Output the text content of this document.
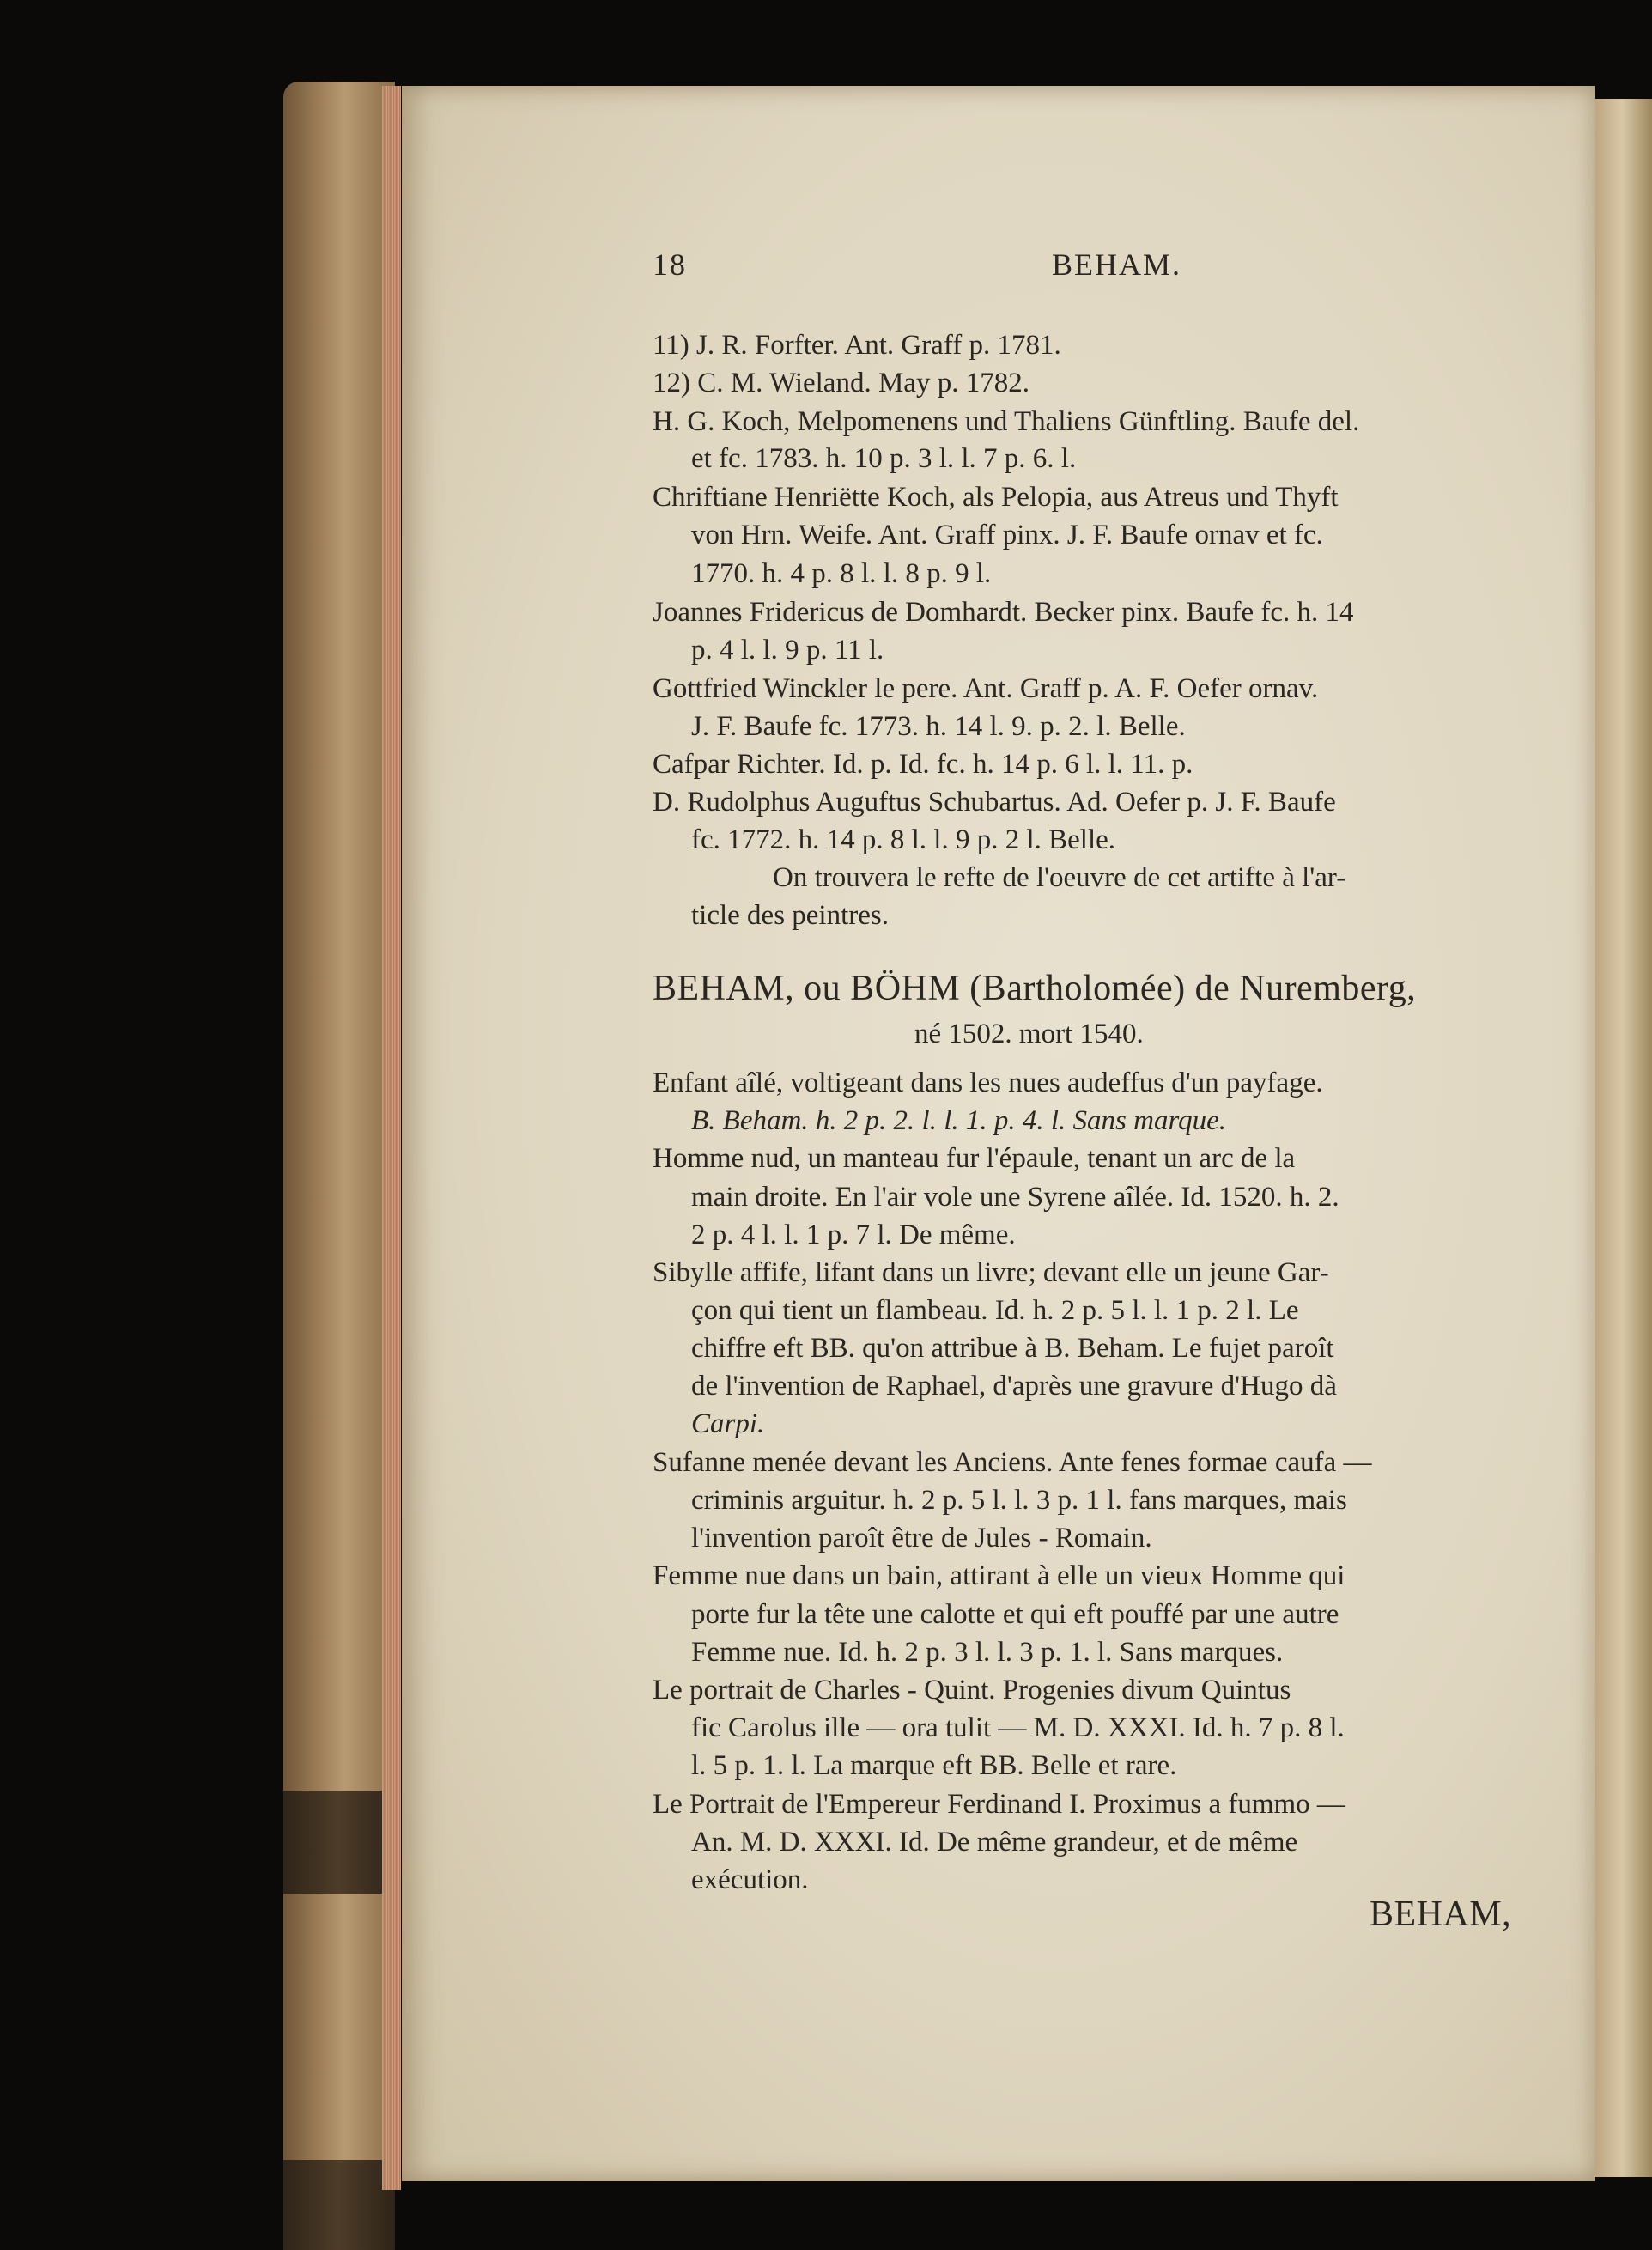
18	BEHAM.
11) J. R. Forfter. Ant. Graff p. 1781.
12) C. M. Wieland. May p. 1782.
H. G. Koch, Melpomenens und Thaliens Günftling. Baufe del.
et fc. 1783. h. 10 p. 3 l. l. 7 p. 6. l.
Chriftiane Henriëtte Koch, als Pelopia, aus Atreus und Thyft
von Hrn. Weife. Ant. Graff pinx. J. F. Baufe ornav et fc.
1770. h. 4 p. 8 l. l. 8 p. 9 l.
Joannes Fridericus de Domhardt. Becker pinx. Baufe fc. h. 14
p. 4 l. l. 9 p. 11 l.
Gottfried Winckler le pere. Ant. Graff p. A. F. Oefer ornav.
J. F. Baufe fc. 1773. h. 14 l. 9. p. 2. l. Belle.
Cafpar Richter. Id. p. Id. fc. h. 14 p. 6 l. l. 11. p.
D. Rudolphus Auguftus Schubartus. Ad. Oefer p. J. F. Baufe
fc. 1772. h. 14 p. 8 l. l. 9 p. 2 l. Belle.
On trouvera le refte de l'oeuvre de cet artifte à l'ar-
ticle des peintres.
BEHAM, ou BÖHM (Bartholomée) de Nuremberg,
né 1502. mort 1540.
Enfant aîlé, voltigeant dans les nues audeffus d'un payfage.
B. Beham. h. 2 p. 2. l. l. 1. p. 4. l. Sans marque.
Homme nud, un manteau fur l'épaule, tenant un arc de la
main droite. En l'air vole une Syrene aîlée. Id. 1520. h. 2.
2 p. 4 l. l. 1 p. 7 l. De même.
Sibylle affife, lifant dans un livre; devant elle un jeune Gar-
çon qui tient un flambeau. Id. h. 2 p. 5 l. l. 1 p. 2 l. Le
chiffre eft BB. qu'on attribue à B. Beham. Le fujet paroît
de l'invention de Raphael, d'après une gravure d'Hugo dà
Carpi.
Sufanne menée devant les Anciens. Ante fenes formae caufa —
criminis arguitur. h. 2 p. 5 l. l. 3 p. 1 l. fans marques, mais
l'invention paroît être de Jules - Romain.
Femme nue dans un bain, attirant à elle un vieux Homme qui
porte fur la tête une calotte et qui eft pouffé par une autre
Femme nue. Id. h. 2 p. 3 l. l. 3 p. 1. l. Sans marques.
Le portrait de Charles - Quint. Progenies divum Quintus
fic Carolus ille — ora tulit — M. D. XXXI. Id. h. 7 p. 8 l.
l. 5 p. 1. l. La marque eft BB. Belle et rare.
Le Portrait de l'Empereur Ferdinand I. Proximus a fummo —
An. M. D. XXXI. Id. De même grandeur, et de même
exécution.
BEHAM,
